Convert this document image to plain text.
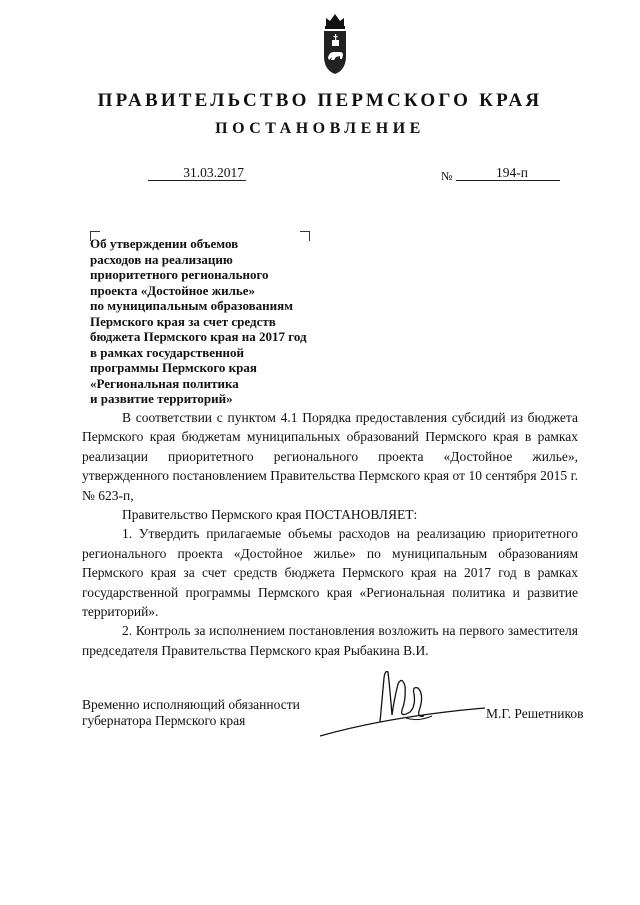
ПРАВИТЕЛЬСТВО ПЕРМСКОГО КРАЯ
ПОСТАНОВЛЕНИЕ
31.03.2017	№	194-п
Об утверждении объемов
расходов на реализацию
приоритетного регионального
проекта «Достойное жилье»
по муниципальным образованиям
Пермского края за счет средств
бюджета Пермского края на 2017 год
в рамках государственной
программы Пермского края
«Региональная политика
и развитие территорий»

В соответствии с пунктом 4.1 Порядка предоставления субсидий из бюджета Пермского края бюджетам муниципальных образований Пермского края в рамках реализации приоритетного регионального проекта «Достойное жилье», утвержденного постановлением Правительства Пермского края от 10 сентября 2015 г. № 623-п,

Правительство Пермского края ПОСТАНОВЛЯЕТ:

1. Утвердить прилагаемые объемы расходов на реализацию приоритетного регионального проекта «Достойное жилье» по муниципальным образованиям Пермского края за счет средств бюджета Пермского края на 2017 год в рамках государственной программы Пермского края «Региональная политика и развитие территорий».

2. Контроль за исполнением постановления возложить на первого заместителя председателя Правительства Пермского края Рыбакина В.И.

Временно исполняющий обязанности
губернатора Пермского края	М.Г. Решетников
